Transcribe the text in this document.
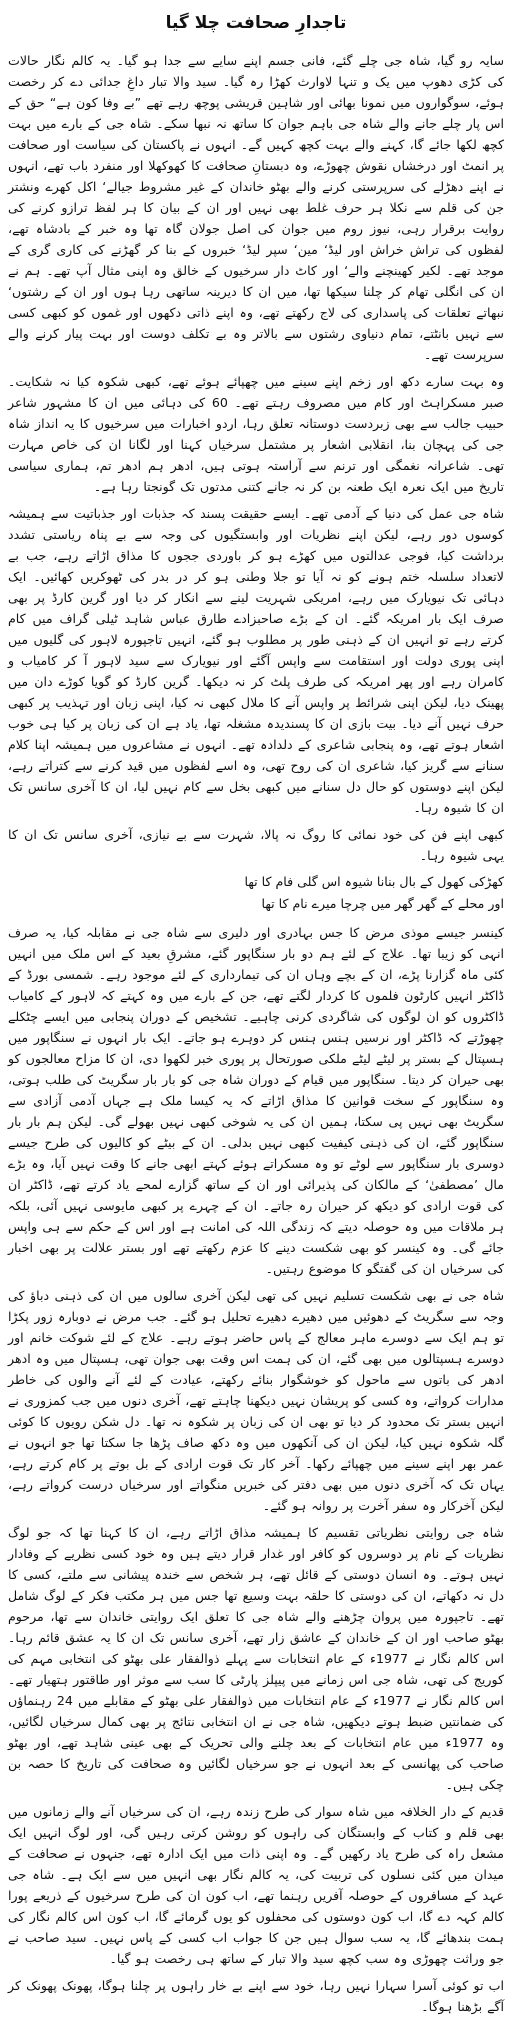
تاجدارِ صحافت چلا گیا

سایہ رو گیا، شاہ جی چلے گئے، فانی جسم اپنے سایے سے جدا ہو گیا۔ یہ کالم نگار حالات کی کڑی دھوپ میں یک و تنہا لاوارث کھڑا رہ گیا۔ سید والا تبار داغِ جدائی دے کر رخصت ہوئے، سوگواروں میں نمونا بھائی اور شاہین قریشی پوچھ رہے تھے ”بے وفا کون ہے“ حق کے اس پار چلے جانے والے شاہ جی باہم جوان کا ساتھ نہ نبھا سکے۔ شاہ جی کے بارے میں بہت کچھ لکھا جائے گا، کہنے والے بہت کچھ کہیں گے۔ انہوں نے پاکستان کی سیاست اور صحافت پر انمٹ اور درخشاں نقوش چھوڑے، وہ دبستانِ صحافت کا کھوکھلا اور منفرد باب تھے، انہوں نے اپنے دھڑلے کی سرپرستی کرنے والے بھٹو خاندان کے غیر مشروط جیالے‘ اکل کھرے ونشتر جن کی قلم سے نکلا ہر حرف غلط بھی نہیں اور ان کے بیان کا ہر لفظ ترازو کرنے کی روایت برقرار رہی، نیوز روم میں جوان کی اصل جولان گاہ تھا وہ خبر کے بادشاہ تھے، لفظوں کی تراش خراش اور لیڈ‘ مین‘ سپر لیڈ‘ خبروں کے بنا کر گھڑنے کی کاری گری کے موجد تھے۔ لکیر کھینچنے والے‘ اور کاٹ دار سرخیوں کے خالق وہ اپنی مثال آپ تھے۔ ہم نے ان کی انگلی تھام کر چلنا سیکھا تھا، میں ان کا دیرینہ ساتھی رہا ہوں اور ان کے رشتوں‘ نبھاتے تعلقات کی پاسداری کی لاج رکھتے تھے، وہ اپنے ذاتی دکھوں اور غموں کو کبھی کسی سے نہیں بانٹتے، تمام دنیاوی رشتوں سے بالاتر وہ بے تکلف دوست اور بہت پیار کرنے والے سرپرست تھے۔

وہ بہت سارے دکھ اور زخم اپنے سینے میں چھپائے ہوئے تھے، کبھی شکوہ کیا نہ شکایت۔ صبر مسکراہٹ اور کام میں مصروف رہتے تھے۔ 60 کی دہائی میں ان کا مشہور شاعر حبیب جالب سے بھی زبردست دوستانہ تعلق رہا، اردو اخبارات میں سرخیوں کا یہ انداز شاہ جی کی پہچان بنا، انقلابی اشعار پر مشتمل سرخیاں کہنا اور لگانا ان کی خاص مہارت تھی۔ شاعرانہ نغمگی اور ترنم سے آراستہ ہوتی ہیں، ادھر ہم ادھر تم، ہماری سیاسی تاریخ میں ایک نعرہ ایک طعنہ بن کر نہ جانے کتنی مدتوں تک گونجتا رہا ہے۔

شاہ جی عمل کی دنیا کے آدمی تھے۔ ایسے حقیقت پسند کہ جذبات اور جذباتیت سے ہمیشہ کوسوں دور رہے، لیکن اپنے نظریات اور وابستگیوں کی وجہ سے بے پناہ ریاستی تشدد برداشت کیا، فوجی عدالتوں میں کھڑے ہو کر باوردی ججوں کا مذاق اڑاتے رہے، جب بے لاتعداد سلسلہ ختم ہونے کو نہ آیا تو جلا وطنی ہو کر در بدر کی ٹھوکریں کھائیں۔ ایک دہائی تک نیویارک میں رہے، امریکی شہریت لینے سے انکار کر دیا اور گرین کارڈ پر بھی صرف ایک بار امریکہ گئے۔ ان کے بڑے صاحبزادے طارق عباس شاہد ٹیلی گراف میں کام کرتے رہے تو انہیں ان کے ذہنی طور پر مطلوب ہو گئے، انہیں تاجپورہ لاہور کی گلیوں میں اپنی پوری دولت اور استقامت سے واپس آگئے اور نیویارک سے سید لاہور آ کر کامیاب و کامران رہے اور پھر امریکہ کی طرف پلٹ کر نہ دیکھا۔ گرین کارڈ کو گویا کوڑے دان میں پھینک دیا، لیکن اپنی شرائط پر واپس آنے کا ملال کبھی نہ کیا، اپنی زبان اور تہذیب پر کبھی حرف نہیں آنے دیا۔ بیت بازی ان کا پسندیدہ مشغلہ تھا، یاد ہے ان کی زبان پر کیا ہی خوب اشعار ہوتے تھے، وہ پنجابی شاعری کے دلدادہ تھے۔ انہوں نے مشاعروں میں ہمیشہ اپنا کلام سنانے سے گریز کیا، شاعری ان کی روح تھی، وہ اسے لفظوں میں قید کرنے سے کتراتے رہے، لیکن اپنے دوستوں کو حال دل سنانے میں کبھی بخل سے کام نہیں لیا، ان کا آخری سانس تک ان کا شیوہ رہا۔

کبھی اپنے فن کی خود نمائی کا روگ نہ پالا، شہرت سے بے نیازی، آخری سانس تک ان کا یہی شیوہ رہا۔

کھڑکی کھول کے بال بنانا شیوہ اس گلی فام کا تھا

اور محلے کے گھر گھر میں چرچا میرے نام کا تھا

کینسر جیسے موذی مرض کا جس بہادری اور دلیری سے شاہ جی نے مقابلہ کیا، یہ صرف انہی کو زیبا تھا۔ علاج کے لئے ہم دو بار سنگاپور گئے، مشرقِ بعید کے اس ملک میں انہیں کئی ماہ گزارنا پڑے، ان کے بچے وہاں ان کی تیمارداری کے لئے موجود رہے۔ شمسی بورڈ کے ڈاکٹر انہیں کارٹون فلموں کا کردار لگتے تھے، جن کے بارے میں وہ کہتے کہ لاہور کے کامیاب ڈاکٹروں کو ان لوگوں کی شاگردی کرنی چاہیے۔ تشخیص کے دوران پنجابی میں ایسے چٹکلے چھوڑتے کہ ڈاکٹر اور نرسیں ہنس ہنس کر دوہرے ہو جاتے۔ ایک بار انہوں نے سنگاپور میں ہسپتال کے بستر پر لیٹے لیٹے ملکی صورتحال پر پوری خبر لکھوا دی، ان کا مزاح معالجوں کو بھی حیران کر دیتا۔ سنگاپور میں قیام کے دوران شاہ جی کو بار بار سگریٹ کی طلب ہوتی، وہ سنگاپور کے سخت قوانین کا مذاق اڑاتے کہ یہ کیسا ملک ہے جہاں آدمی آزادی سے سگریٹ بھی نہیں پی سکتا، ہمیں ان کی یہ شوخی کبھی نہیں بھولے گی۔ لیکن ہم بار بار سنگاپور گئے، ان کی ذہنی کیفیت کبھی نہیں بدلی۔ ان کے بیٹے کو کالیوں کی طرح جیسے دوسری بار سنگاپور سے لوٹے تو وہ مسکراتے ہوئے کہتے ابھی جانے کا وقت نہیں آیا، وہ بڑے مال ’مصطفیٰ‘ کے مالکان کی پذیرائی اور ان کے ساتھ گزارے لمحے یاد کرتے تھے، ڈاکٹر ان کی قوت ارادی کو دیکھ کر حیران رہ جاتے۔ ان کے چہرے پر کبھی مایوسی نہیں آئی، بلکہ ہر ملاقات میں وہ حوصلہ دیتے کہ زندگی اللہ کی امانت ہے اور اس کے حکم سے ہی واپس جائے گی۔ وہ کینسر کو بھی شکست دینے کا عزم رکھتے تھے اور بستر علالت پر بھی اخبار کی سرخیاں ان کی گفتگو کا موضوع رہتیں۔

شاہ جی نے بھی شکست تسلیم نہیں کی تھی لیکن آخری سالوں میں ان کی ذہنی دباؤ کی وجہ سے سگریٹ کے دھوئیں میں دھیرے دھیرے تحلیل ہو گئے۔ جب مرض نے دوبارہ زور پکڑا تو ہم ایک سے دوسرے ماہر معالج کے پاس حاضر ہوتے رہے۔ علاج کے لئے شوکت خانم اور دوسرے ہسپتالوں میں بھی گئے، ان کی ہمت اس وقت بھی جوان تھی، ہسپتال میں وہ ادھر ادھر کی باتوں سے ماحول کو خوشگوار بنائے رکھتے، عیادت کے لئے آنے والوں کی خاطر مدارات کرواتے، وہ کسی کو پریشان نہیں دیکھنا چاہتے تھے، آخری دنوں میں جب کمزوری نے انہیں بستر تک محدود کر دیا تو بھی ان کی زبان پر شکوہ نہ تھا۔ دل شکن رویوں کا کوئی گلہ شکوہ نہیں کیا، لیکن ان کی آنکھوں میں وہ دکھ صاف پڑھا جا سکتا تھا جو انہوں نے عمر بھر اپنے سینے میں چھپائے رکھا۔ آخر کار تک قوت ارادی کے بل بوتے پر کام کرتے رہے، یہاں تک کہ آخری دنوں میں بھی دفتر کی خبریں منگواتے اور سرخیاں درست کرواتے رہے، لیکن آخرکار وہ سفر آخرت پر روانہ ہو گئے۔

شاہ جی روایتی نظریاتی تقسیم کا ہمیشہ مذاق اڑاتے رہے، ان کا کہنا تھا کہ جو لوگ نظریات کے نام پر دوسروں کو کافر اور غدار قرار دیتے ہیں وہ خود کسی نظریے کے وفادار نہیں ہوتے۔ وہ انسان دوستی کے قائل تھے، ہر شخص سے خندہ پیشانی سے ملتے، کسی کا دل نہ دکھاتے، ان کی دوستی کا حلقہ بہت وسیع تھا جس میں ہر مکتب فکر کے لوگ شامل تھے۔ تاجپورہ میں پروان چڑھنے والے شاہ جی کا تعلق ایک روایتی خاندان سے تھا، مرحوم بھٹو صاحب اور ان کے خاندان کے عاشق زار تھے، آخری سانس تک ان کا یہ عشق قائم رہا۔ اس کالم نگار نے 1977ء کے عام انتخابات سے پہلے ذوالفقار علی بھٹو کی انتخابی مہم کی کوریج کی تھی، شاہ جی اس زمانے میں پیپلز پارٹی کا سب سے موثر اور طاقتور ہتھیار تھے۔ اس کالم نگار نے 1977ء کے عام انتخابات میں ذوالفقار علی بھٹو کے مقابلے میں 24 رہنماؤں کی ضمانتیں ضبط ہوتے دیکھیں، شاہ جی نے ان انتخابی نتائج پر بھی کمال سرخیاں لگائیں، وہ 1977ء میں عام انتخابات کے بعد چلنے والی تحریک کے بھی عینی شاہد تھے، اور بھٹو صاحب کی پھانسی کے بعد انہوں نے جو سرخیاں لگائیں وہ صحافت کی تاریخ کا حصہ بن چکی ہیں۔

قدیم کے دار الخلافہ میں شاہ سوار کی طرح زندہ رہے، ان کی سرخیاں آنے والے زمانوں میں بھی قلم و کتاب کے وابستگان کی راہوں کو روشن کرتی رہیں گی، اور لوگ انہیں ایک مشعل راہ کی طرح یاد رکھیں گے۔ وہ اپنی ذات میں ایک ادارہ تھے، جنہوں نے صحافت کے میدان میں کئی نسلوں کی تربیت کی، یہ کالم نگار بھی انہیں میں سے ایک ہے۔ شاہ جی عہد کے مسافروں کے حوصلہ آفریں رہنما تھے، اب کون ان کی طرح سرخیوں کے ذریعے پورا کالم کہہ دے گا، اب کون دوستوں کی محفلوں کو یوں گرمائے گا، اب کون اس کالم نگار کی ہمت بندھائے گا، یہ سب سوال ہیں جن کا جواب اب کسی کے پاس نہیں۔ سید صاحب نے جو وراثت چھوڑی وہ سب کچھ سید والا تبار کے ساتھ ہی رخصت ہو گیا۔

اب تو کوئی آسرا سہارا نہیں رہا، خود سے اپنے بے خار راہوں پر چلنا ہوگا، پھونک پھونک کر آگے بڑھنا ہوگا۔
